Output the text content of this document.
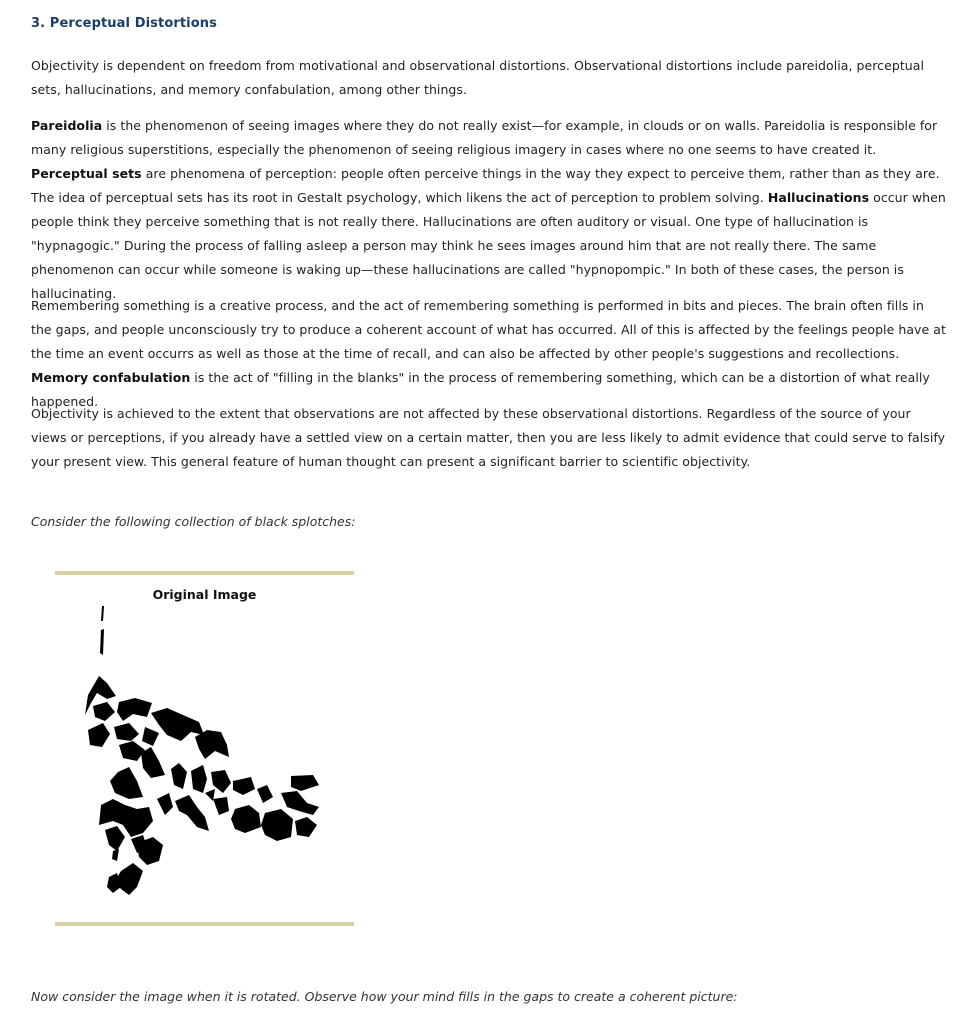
3. Perceptual Distortions

Objectivity is dependent on freedom from motivational and observational distortions. Observational distortions include pareidolia, perceptual sets, hallucinations, and memory confabulation, among other things.

Pareidolia is the phenomenon of seeing images where they do not really exist—for example, in clouds or on walls. Pareidolia is responsible for many religious superstitions, especially the phenomenon of seeing religious imagery in cases where no one seems to have created it. Perceptual sets are phenomena of perception: people often perceive things in the way they expect to perceive them, rather than as they are. The idea of perceptual sets has its root in Gestalt psychology, which likens the act of perception to problem solving. Hallucinations occur when people think they perceive something that is not really there. Hallucinations are often auditory or visual. One type of hallucination is "hypnagogic." During the process of falling asleep a person may think he sees images around him that are not really there. The same phenomenon can occur while someone is waking up—these hallucinations are called "hypnopompic." In both of these cases, the person is hallucinating.

Remembering something is a creative process, and the act of remembering something is performed in bits and pieces. The brain often fills in the gaps, and people unconsciously try to produce a coherent account of what has occurred. All of this is affected by the feelings people have at the time an event occurrs as well as those at the time of recall, and can also be affected by other people's suggestions and recollections. Memory confabulation is the act of "filling in the blanks" in the process of remembering something, which can be a distortion of what really happened.

Objectivity is achieved to the extent that observations are not affected by these observational distortions. Regardless of the source of your views or perceptions, if you already have a settled view on a certain matter, then you are less likely to admit evidence that could serve to falsify your present view. This general feature of human thought can present a significant barrier to scientific objectivity.

Consider the following collection of black splotches:

Original Image

Now consider the image when it is rotated. Observe how your mind fills in the gaps to create a coherent picture:
